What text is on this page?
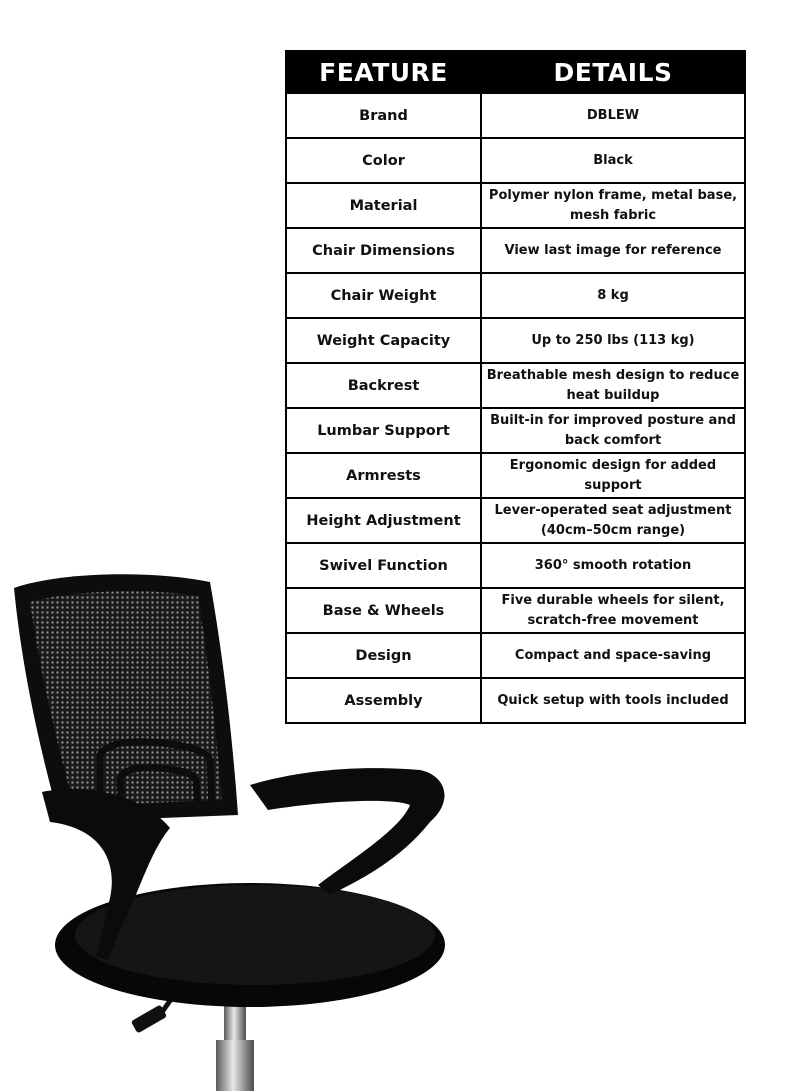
FEATURE	DETAILS
Brand	DBLEW
Color	Black
Material	Polymer nylon frame, metal base, mesh fabric
Chair Dimensions	View last image for reference
Chair Weight	8 kg
Weight Capacity	Up to 250 lbs (113 kg)
Backrest	Breathable mesh design to reduce heat buildup
Lumbar Support	Built-in for improved posture and back comfort
Armrests	Ergonomic design for added support
Height Adjustment	Lever-operated seat adjustment (40cm–50cm range)
Swivel Function	360° smooth rotation
Base & Wheels	Five durable wheels for silent, scratch-free movement
Design	Compact and space-saving
Assembly	Quick setup with tools included
